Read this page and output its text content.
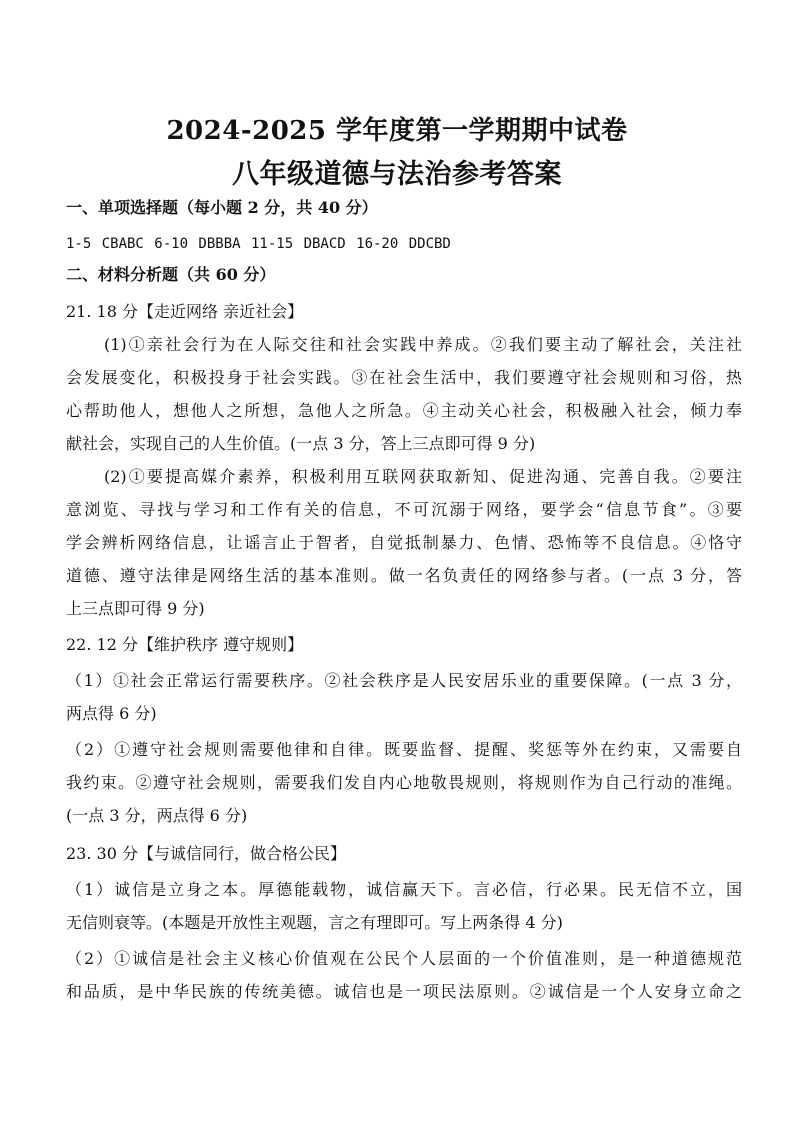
2024-2025 学年度第一学期期中试卷
八年级道德与法治参考答案
一、单项选择题（每小题 2 分，共 40 分）
1-5 CBABC 6-10 DBBBA 11-15 DBACD 16-20 DDCBD
二、材料分析题（共 60 分）
21. 18 分【走近网络 亲近社会】
(1)①亲社会行为在人际交往和社会实践中养成。②我们要主动了解社会，关注社
会发展变化，积极投身于社会实践。③在社会生活中，我们要遵守社会规则和习俗，热
心帮助他人，想他人之所想，急他人之所急。④主动关心社会，积极融入社会，倾力奉
献社会，实现自己的人生价值。(一点 3 分，答上三点即可得 9 分)
(2)①要提高媒介素养，积极利用互联网获取新知、促进沟通、完善自我。②要注
意浏览、寻找与学习和工作有关的信息，不可沉溺于网络，要学会“信息节食”。③要
学会辨析网络信息，让谣言止于智者，自觉抵制暴力、色情、恐怖等不良信息。④恪守
道德、遵守法律是网络生活的基本准则。做一名负责任的网络参与者。(一点 3 分，答
上三点即可得 9 分)
22. 12 分【维护秩序 遵守规则】
（1）①社会正常运行需要秩序。②社会秩序是人民安居乐业的重要保障。(一点 3 分，
两点得 6 分)
（2）①遵守社会规则需要他律和自律。既要监督、提醒、奖惩等外在约束，又需要自
我约束。②遵守社会规则，需要我们发自内心地敬畏规则，将规则作为自己行动的准绳。
(一点 3 分，两点得 6 分)
23. 30 分【与诚信同行，做合格公民】
（1）诚信是立身之本。厚德能载物，诚信赢天下。言必信，行必果。民无信不立，国
无信则衰等。(本题是开放性主观题，言之有理即可。写上两条得 4 分)
（2）①诚信是社会主义核心价值观在公民个人层面的一个价值准则，是一种道德规范
和品质，是中华民族的传统美德。诚信也是一项民法原则。②诚信是一个人安身立命之
